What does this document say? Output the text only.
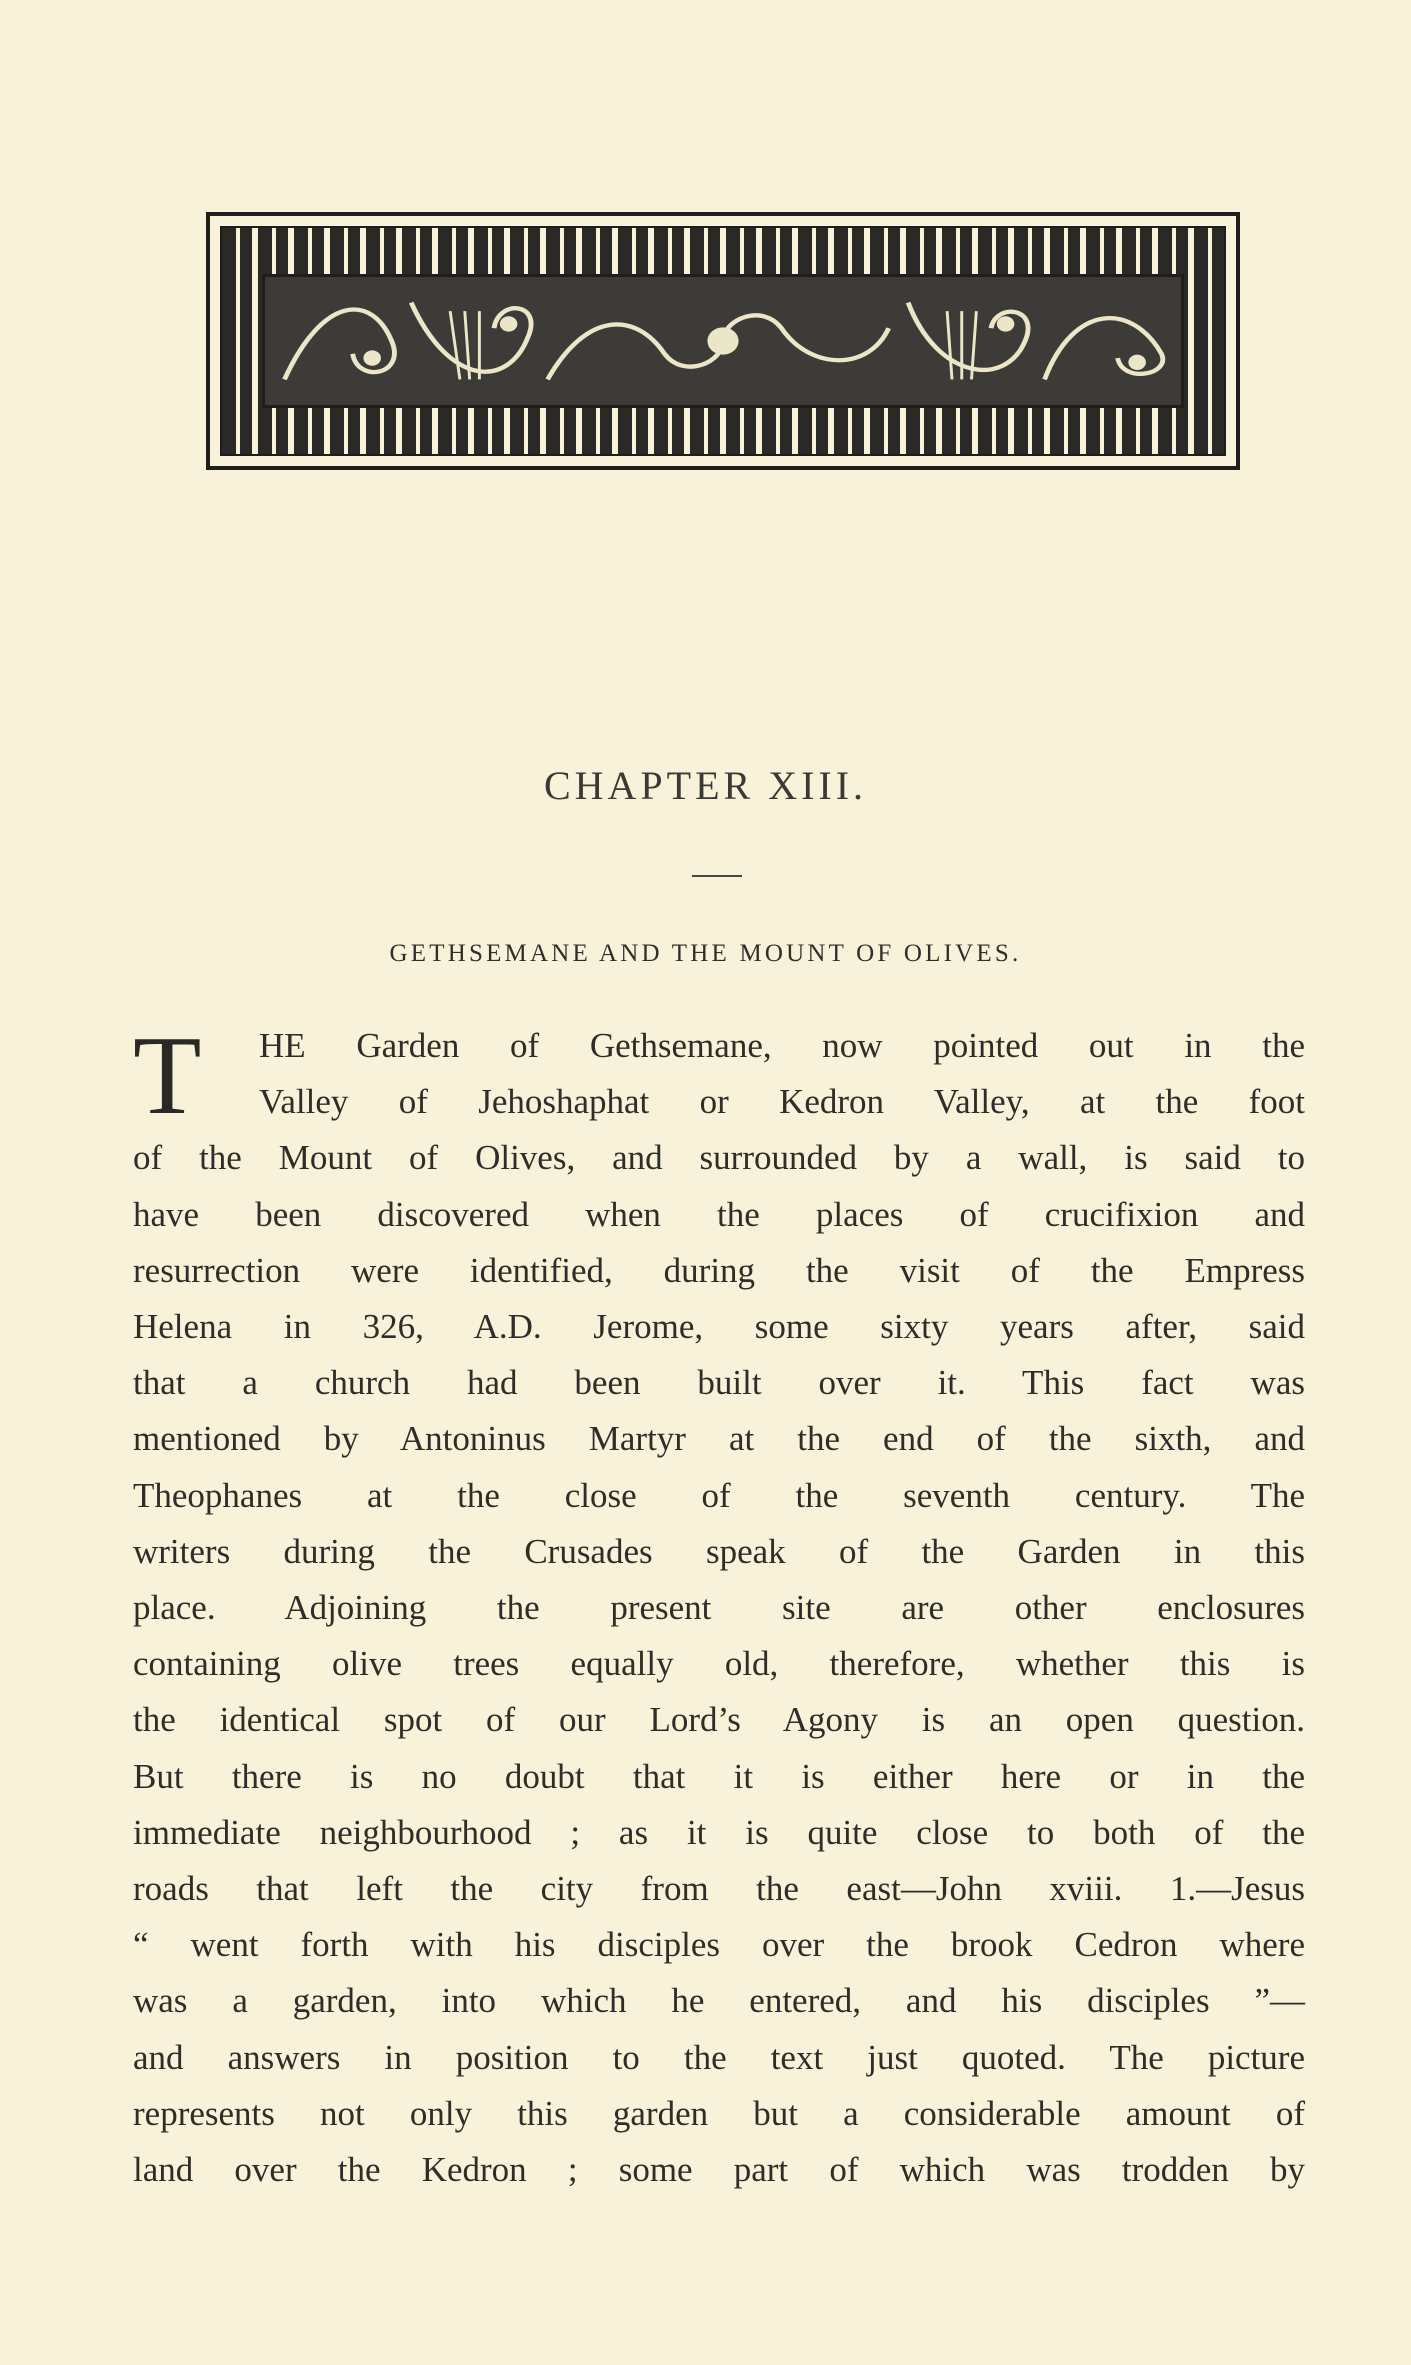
CHAPTER XIII.
GETHSEMANE AND THE MOUNT OF OLIVES.
T	HE Garden of Gethsemane, now pointed out in the
Valley of Jehoshaphat or Kedron Valley, at the foot
of the Mount of Olives, and surrounded by a wall, is said to
have been discovered when the places of crucifixion and
resurrection were identified, during the visit of the Empress
Helena in 326, A.D. Jerome, some sixty years after, said
that a church had been built over it. This fact was
mentioned by Antoninus Martyr at the end of the sixth, and
Theophanes at the close of the seventh century. The
writers during the Crusades speak of the Garden in this
place. Adjoining the present site are other enclosures
containing olive trees equally old, therefore, whether this is
the identical spot of our Lord’s Agony is an open question.
But there is no doubt that it is either here or in the
immediate neighbourhood ; as it is quite close to both of the
roads that left the city from the east—John xviii. 1.—Jesus
“ went forth with his disciples over the brook Cedron where
was a garden, into which he entered, and his disciples ”—
and answers in position to the text just quoted. The picture
represents not only this garden but a considerable amount of
land over the Kedron ; some part of which was trodden by
